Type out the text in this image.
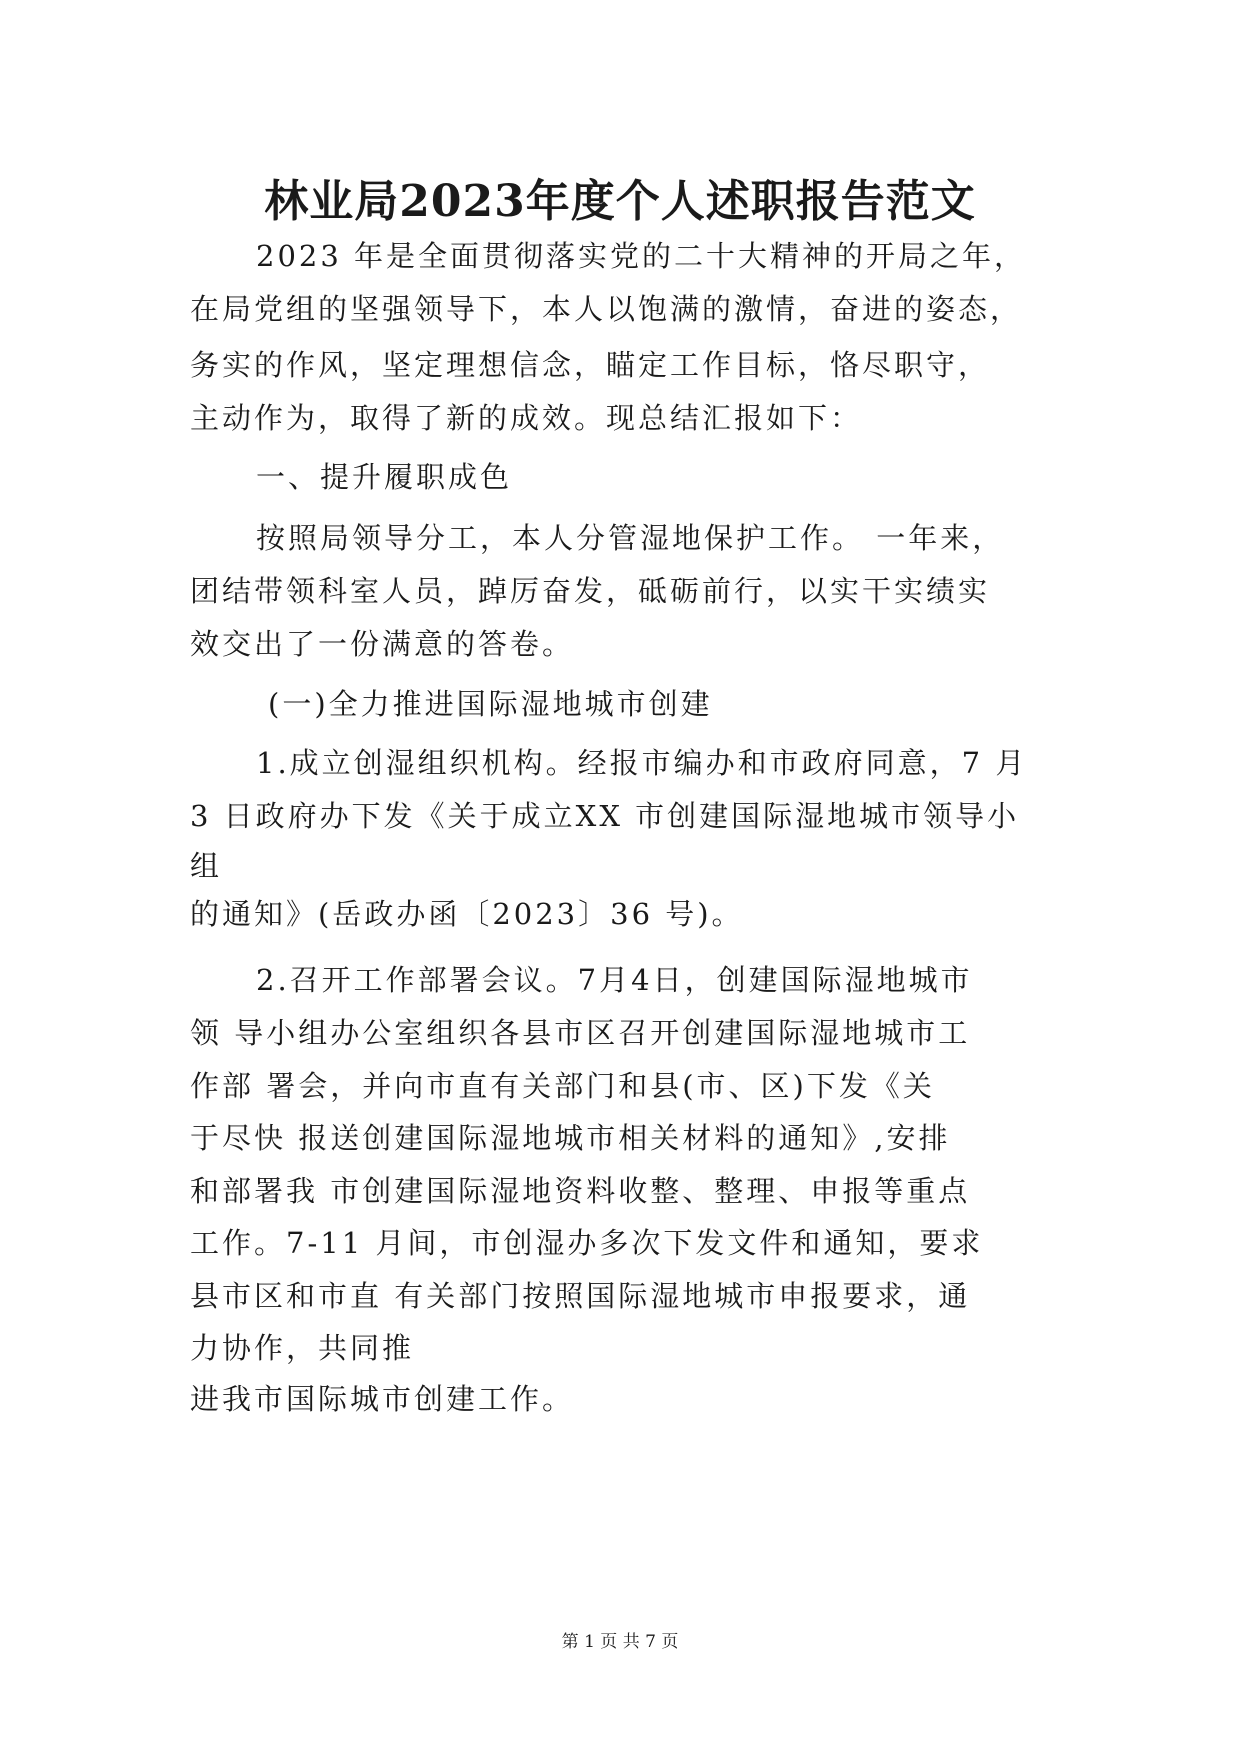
林业局2023年度个人述职报告范文
2023 年是全面贯彻落实党的二十大精神的开局之年，
在局党组的坚强领导下，本人以饱满的激情，奋进的姿态，
务实的作风，坚定理想信念，瞄定工作目标，恪尽职守，
主动作为，取得了新的成效。现总结汇报如下：
一、提升履职成色
按照局领导分工，本人分管湿地保护工作。 一年来，
团结带领科室人员，踔厉奋发，砥砺前行，以实干实绩实
效交出了一份满意的答卷。
(一)全力推进国际湿地城市创建
1.成立创湿组织机构。经报市编办和市政府同意，7 月
3 日政府办下发《关于成立XX 市创建国际湿地城市领导小
组
的通知》(岳政办函〔2023〕36 号)。
2.召开工作部署会议。7月4日，创建国际湿地城市
领 导小组办公室组织各县市区召开创建国际湿地城市工
作部 署会，并向市直有关部门和县(市、区)下发《关
于尽快 报送创建国际湿地城市相关材料的通知》,安排
和部署我 市创建国际湿地资料收整、整理、申报等重点
工作。7-11 月间，市创湿办多次下发文件和通知，要求
县市区和市直 有关部门按照国际湿地城市申报要求，通
力协作，共同推
进我市国际城市创建工作。
第 1 页 共 7 页
